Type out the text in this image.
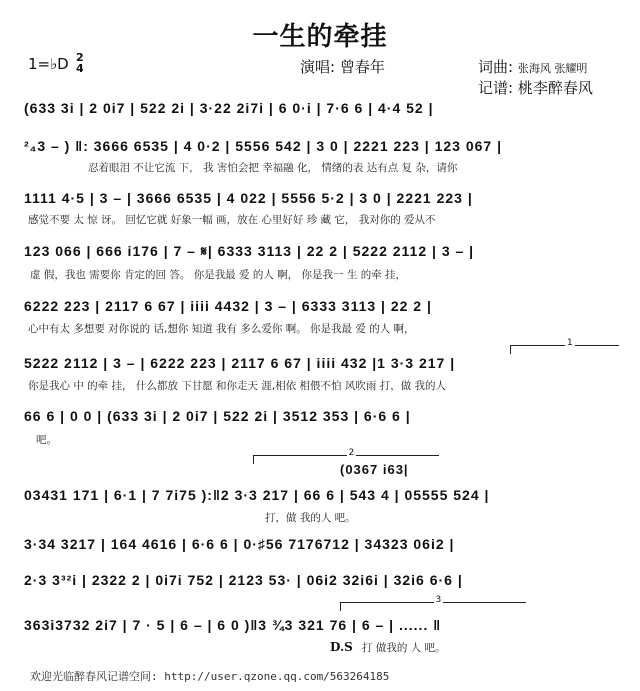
一生的牵挂
1=♭D 2
4	演唱: 曾春年	词曲: 张海风 张耀明
记谱: 桃李醉春风
(633 3i | 2 0i7 | 522 2i | 3·22 2i7i | 6 0·i | 7·6 6 | 4·4 52 |
²₄3 – ) ‖: 3666 6535 | 4 0·2 | 5556 542 | 3 0 | 2221 223 | 123 067 |
忍着眼泪 不让它流 下， 我 害怕会把 幸福融 化， 情绪的表 达有点 复 杂，请你
1111 4·5 | 3 – | 3666 6535 | 4 022 | 5556 5·2 | 3 0 | 2221 223 |
感觉不要 太 惊 讶。 回忆它就 好象一幅 画，放在 心里好好 珍 藏 它， 我对你的 爱从不
123 066 | 666 i176 | 7 – 𝄋| 6333 3113 | 22 2 | 5222 2112 | 3 – |
虚 假，我也 需要你 肯定的回 答。 你是我最 爱 的人 啊， 你是我一 生 的牵 挂，
6222 223 | 2117 6 67 | iiii 4432 | 3 – | 6333 3113 | 22 2 |
心中有太 多想要 对你说的 话,想你 知道 我有 多么爱你 啊。 你是我最 爱 的人 啊，
5222 2112 | 3 – | 6222 223 | 2117 6 67 | iiii 432 |1 3·3 217 |
你是我心 中 的牵 挂， 什么都放 下甘愿 和你走天 涯,相依 相偎不怕 风吹雨 打，做 我的人
66 6 | 0 0 | (633 3i | 2 0i7 | 522 2i | 3512 353 | 6·6 6 |
吧。
(0367 i63|
03431 171 | 6·1 | 7 7i75 ):‖2 3·3 217 | 66 6 | 543 4 | 05555 524 |
打，做 我的人 吧。
3·34 3217 | 164 4616 | 6·6 6 | 0·♯56 7176712 | 34323 06i2 |
2·3 3³²i | 2322 2 | 0i7i 752 | 2123 53· | 06i2 32i6i | 32i6 6·6 |
363i3732 2i7 | 7 · 5 | 6 – | 6 0 )‖3 ¾3 321 76 | 6 – | ...... ‖
D.S 打 做我的 人 吧。
1
2
3
欢迎光临醉春风记谱空间: http://user.qzone.qq.com/563264185
